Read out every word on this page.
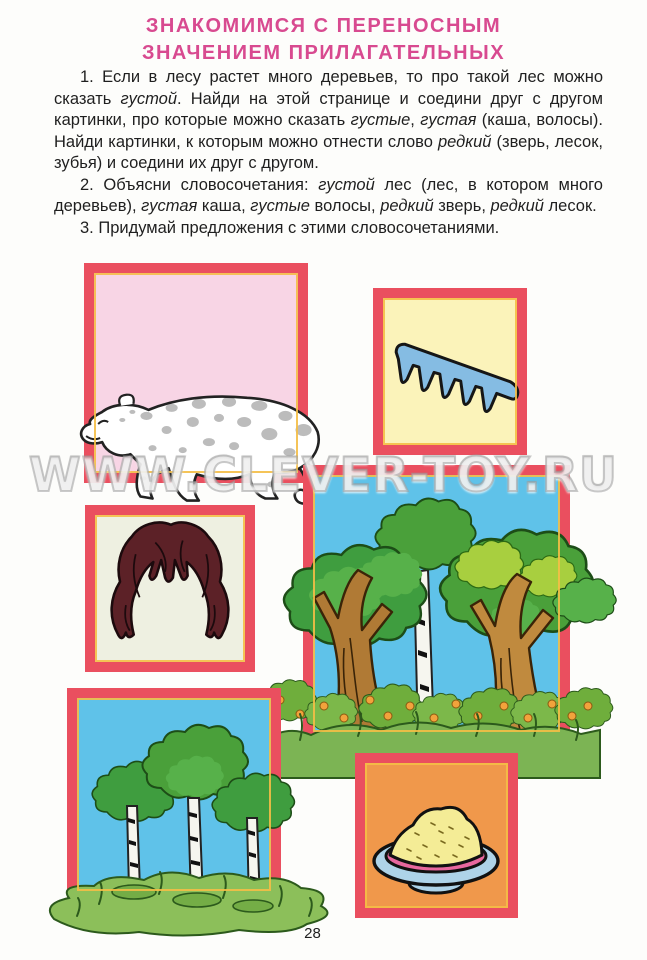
ЗНАКОМИМСЯ С ПЕРЕНОСНЫМ
ЗНАЧЕНИЕМ ПРИЛАГАТЕЛЬНЫХ

1. Если в лесу растет много деревьев, то про такой лес можно сказать густой. Найди на этой странице и соедини друг с другом картинки, про которые можно сказать густые, густая (каша, волосы). Найди картинки, к которым можно отнести слово редкий (зверь, лесок, зубья) и соедини их друг с другом.

2. Объясни словосочетания: густой лес (лес, в котором много деревьев), густая каша, густые волосы, редкий зверь, редкий лесок.

3. Придумай предложения с этими словосочетаниями.

WWW.CLEVER-TOY.RU
28
